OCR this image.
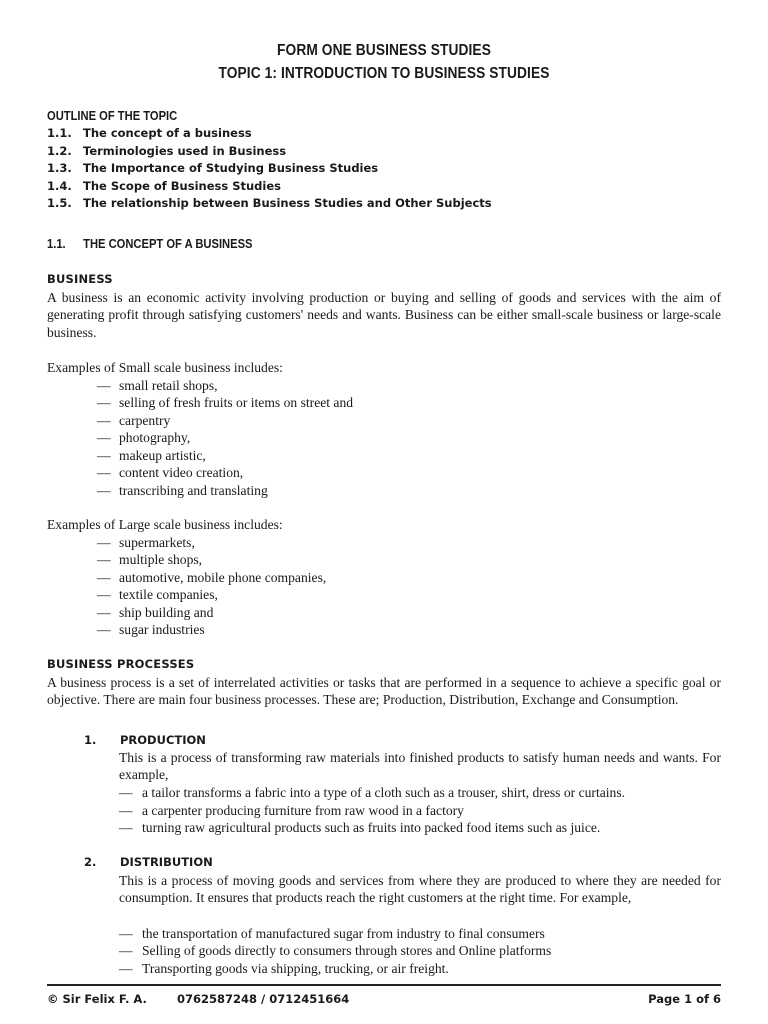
FORM ONE BUSINESS STUDIES
TOPIC 1: INTRODUCTION TO BUSINESS STUDIES
OUTLINE OF THE TOPIC
1.1. The concept of a business
1.2. Terminologies used in Business
1.3. The Importance of Studying Business Studies
1.4. The Scope of Business Studies
1.5. The relationship between Business Studies and Other Subjects
1.1. THE CONCEPT OF A BUSINESS
BUSINESS

A business is an economic activity involving production or buying and selling of goods and services with the aim of generating profit through satisfying customers' needs and wants. Business can be either small-scale business or large-scale business.

Examples of Small scale business includes:
— small retail shops,
— selling of fresh fruits or items on street and
— carpentry
— photography,
— makeup artistic,
— content video creation,
— transcribing and translating
Examples of Large scale business includes:
— supermarkets,
— multiple shops,
— automotive, mobile phone companies,
— textile companies,
— ship building and
— sugar industries
BUSINESS PROCESSES

A business process is a set of interrelated activities or tasks that are performed in a sequence to achieve a specific goal or objective. There are main four business processes. These are; Production, Distribution, Exchange and Consumption.

1. PRODUCTION

This is a process of transforming raw materials into finished products to satisfy human needs and wants. For example,

— a tailor transforms a fabric into a type of a cloth such as a trouser, shirt, dress or curtains.
— a carpenter producing furniture from raw wood in a factory
— turning raw agricultural products such as fruits into packed food items such as juice.
2. DISTRIBUTION

This is a process of moving goods and services from where they are produced to where they are needed for consumption. It ensures that products reach the right customers at the right time. For example,

— the transportation of manufactured sugar from industry to final consumers
— Selling of goods directly to consumers through stores and Online platforms
— Transporting goods via shipping, trucking, or air freight.
© Sir Felix F. A.	0762587248 / 0712451664	Page 1 of 6
